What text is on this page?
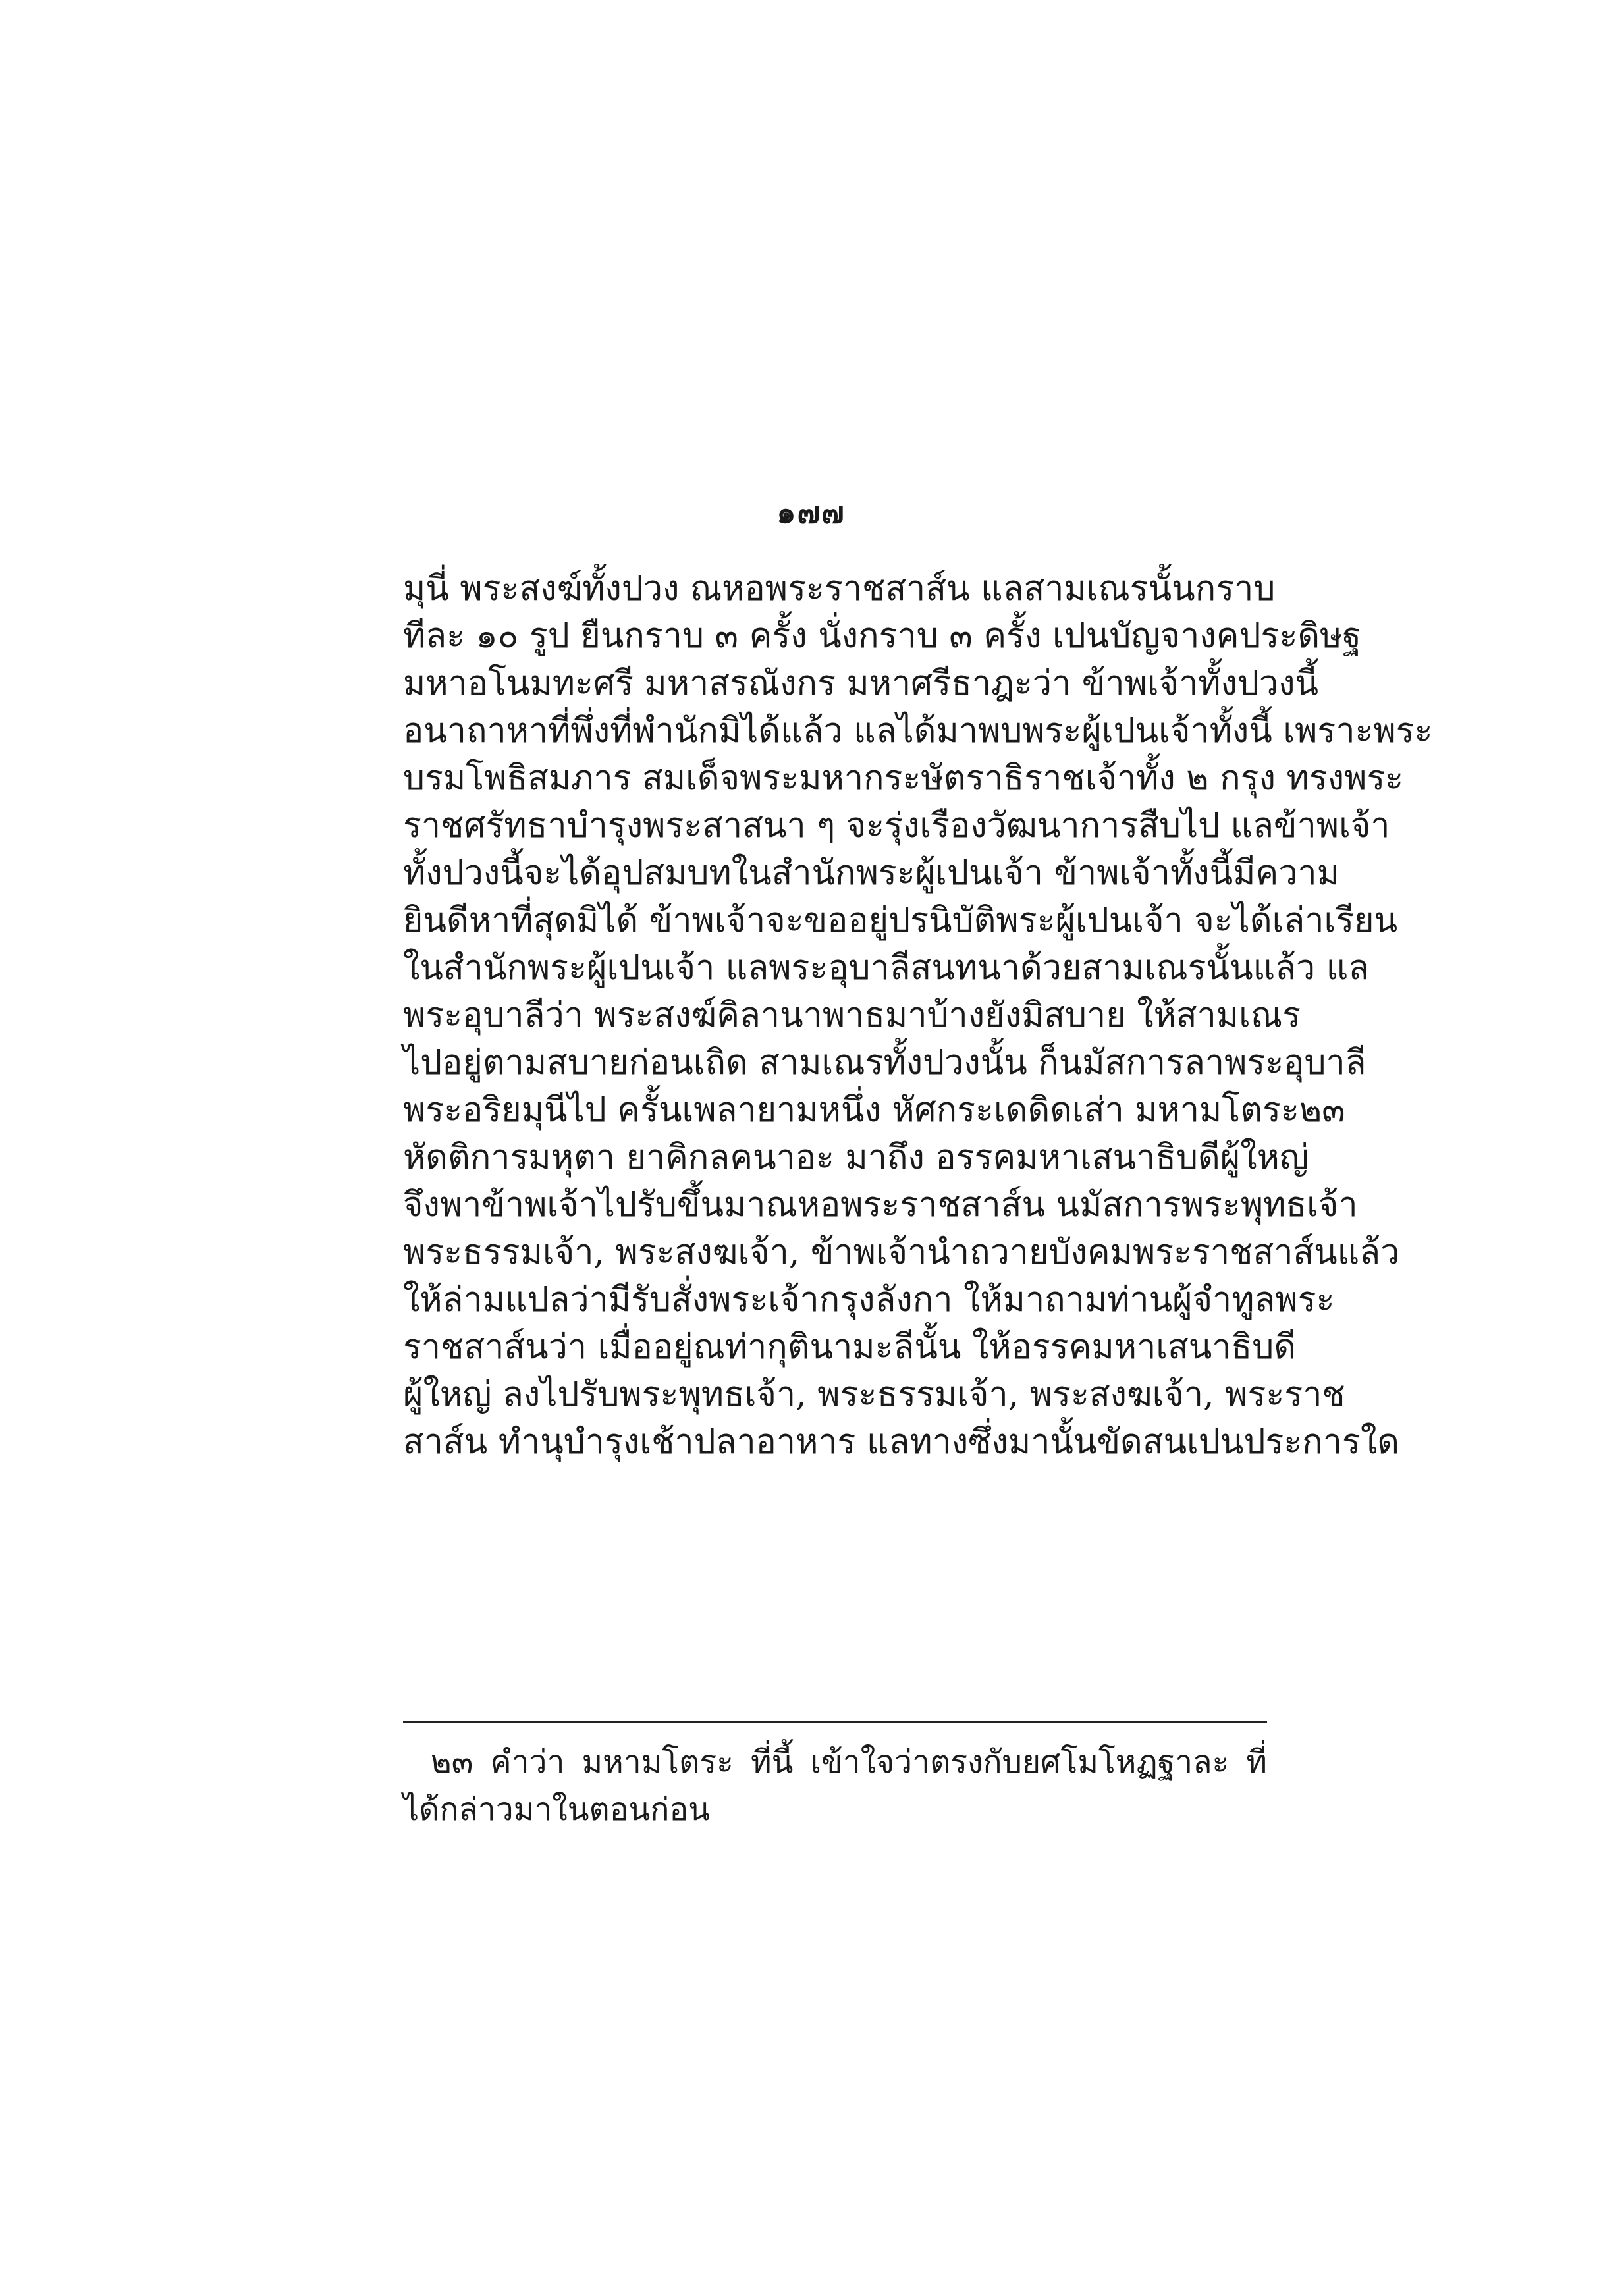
๑๗๗
มุนี่ พระสงฆ์ทั้งปวง ณหอพระราชสาส์น แลสามเณรนั้นกราบ
ทีละ ๑๐ รูป ยืนกราบ ๓ ครั้ง นั่งกราบ ๓ ครั้ง เปนบัญจางคประดิษฐ
มหาอโนมทะศรี มหาสรณังกร มหาศรีธาฎะว่า ข้าพเจ้าทั้งปวงนี้
อนาถาหาที่พึ่งที่พำนักมิได้แล้ว แลได้มาพบพระผู้เปนเจ้าทั้งนี้ เพราะพระ
บรมโพธิสมภาร สมเด็จพระมหากระษัตราธิราชเจ้าทั้ง ๒ กรุง ทรงพระ
ราชศรัทธาบำรุงพระสาสนา ๆ จะรุ่งเรืองวัฒนาการสืบไป แลข้าพเจ้า
ทั้งปวงนี้จะได้อุปสมบทในสำนักพระผู้เปนเจ้า ข้าพเจ้าทั้งนี้มีความ
ยินดีหาที่สุดมิได้ ข้าพเจ้าจะขออยู่ปรนิบัติพระผู้เปนเจ้า จะได้เล่าเรียน
ในสำนักพระผู้เปนเจ้า แลพระอุบาลีสนทนาด้วยสามเณรนั้นแล้ว แล
พระอุบาลีว่า พระสงฆ์คิลานาพาธมาบ้างยังมิสบาย ให้สามเณร
ไปอยู่ตามสบายก่อนเถิด สามเณรทั้งปวงนั้น ก็นมัสการลาพระอุบาลี
พระอริยมุนีไป ครั้นเพลายามหนึ่ง หัศกระเดดิดเส่า มหามโตระ๒๓
หัดติการมหุตา ยาคิกลคนาอะ มาถึง อรรคมหาเสนาธิบดีผู้ใหญ่
จึงพาข้าพเจ้าไปรับขึ้นมาณหอพระราชสาส์น นมัสการพระพุทธเจ้า
พระธรรมเจ้า, พระสงฆเจ้า, ข้าพเจ้านำถวายบังคมพระราชสาส์นแล้ว
ให้ล่ามแปลว่ามีรับสั่งพระเจ้ากรุงลังกา ให้มาถามท่านผู้จำทูลพระ
ราชสาส์นว่า เมื่ออยู่ณท่ากุตินามะลีนั้น ให้อรรคมหาเสนาธิบดี
ผู้ใหญ่ ลงไปรับพระพุทธเจ้า, พระธรรมเจ้า, พระสงฆเจ้า, พระราช
สาส์น ทำนุบำรุงเช้าปลาอาหาร แลทางซึ่งมานั้นขัดสนเปนประการใด
๒๓ คำว่า มหามโตระ ที่นี้ เข้าใจว่าตรงกับยศโมโหฏฐาละ ที่
ได้กล่าวมาในตอนก่อน
